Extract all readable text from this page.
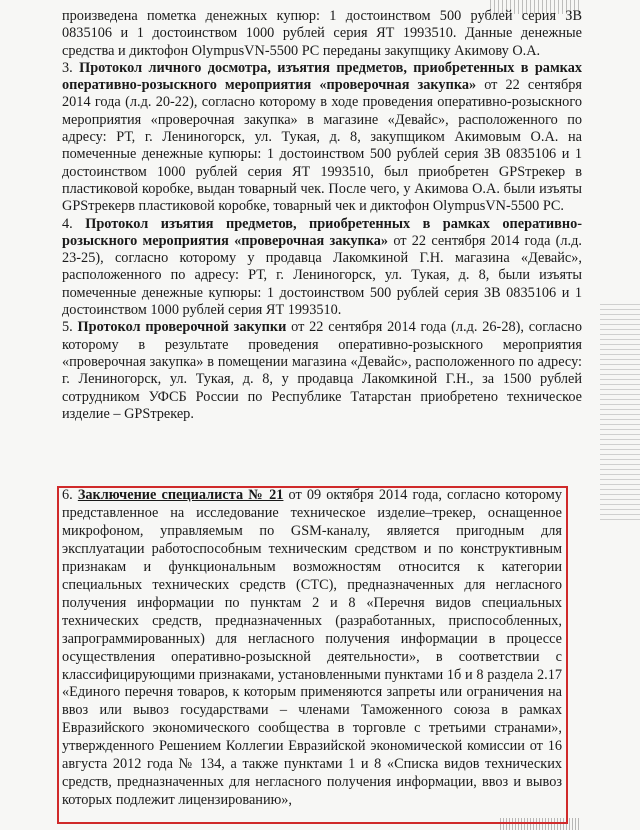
произведена пометка денежных купюр: 1 достоинством 500 рублей серия ЗВ 0835106 и 1 достоинством 1000 рублей серия ЯТ 1993510. Данные денежные средства и диктофон OlympusVN-5500 PC переданы закупщику Акимову О.А.

3. Протокол личного досмотра, изъятия предметов, приобретенных в рамках оперативно-розыскного мероприятия «проверочная закупка» от 22 сентября 2014 года (л.д. 20-22), согласно которому в ходе проведения оперативно-розыскного мероприятия «проверочная закупка» в магазине «Девайс», расположенного по адресу: РТ, г. Лениногорск, ул. Тукая, д. 8, закупщиком Акимовым О.А. на помеченные денежные купюры: 1 достоинством 500 рублей серия ЗВ 0835106 и 1 достоинством 1000 рублей серия ЯТ 1993510, был приобретен GPSтрекер в пластиковой коробке, выдан товарный чек. После чего, у Акимова О.А. были изъяты GPSтрекерв пластиковой коробке, товарный чек и диктофон OlympusVN-5500 PC.

4. Протокол изъятия предметов, приобретенных в рамках оперативно-розыскного мероприятия «проверочная закупка» от 22 сентября 2014 года (л.д. 23-25), согласно которому у продавца Лакомкиной Г.Н. магазина «Девайс», расположенного по адресу: РТ, г. Лениногорск, ул. Тукая, д. 8, были изъяты помеченные денежные купюры: 1 достоинством 500 рублей серия ЗВ 0835106 и 1 достоинством 1000 рублей серия ЯТ 1993510.

5. Протокол проверочной закупки от 22 сентября 2014 года (л.д. 26-28), согласно которому в результате проведения оперативно-розыскного мероприятия «проверочная закупка» в помещении магазина «Девайс», расположенного по адресу: г. Лениногорск, ул. Тукая, д. 8, у продавца Лакомкиной Г.Н., за 1500 рублей сотрудником УФСБ России по Республике Татарстан приобретено техническое изделие – GPSтрекер.

6. Заключение специалиста № 21 от 09 октября 2014 года, согласно которому представленное на исследование техническое изделие–трекер, оснащенное микрофоном, управляемым по GSM-каналу, является пригодным для эксплуатации работоспособным техническим средством и по конструктивным признакам и функциональным возможностям относится к категории специальных технических средств (СТС), предназначенных для негласного получения информации по пунктам 2 и 8 «Перечня видов специальных технических средств, предназначенных (разработанных, приспособленных, запрограммированных) для негласного получения информации в процессе осуществления оперативно-розыскной деятельности», в соответствии с классифицирующими признаками, установленными пунктами 1б и 8 раздела 2.17 «Единого перечня товаров, к которым применяются запреты или ограничения на ввоз или вывоз государствами – членами Таможенного союза в рамках Евразийского экономического сообщества в торговле с третьими странами», утвержденного Решением Коллегии Евразийской экономической комиссии от 16 августа 2012 года № 134, а также пунктами 1 и 8 «Списка видов технических средств, предназначенных для негласного получения информации, ввоз и вывоз которых подлежит лицензированию»,
